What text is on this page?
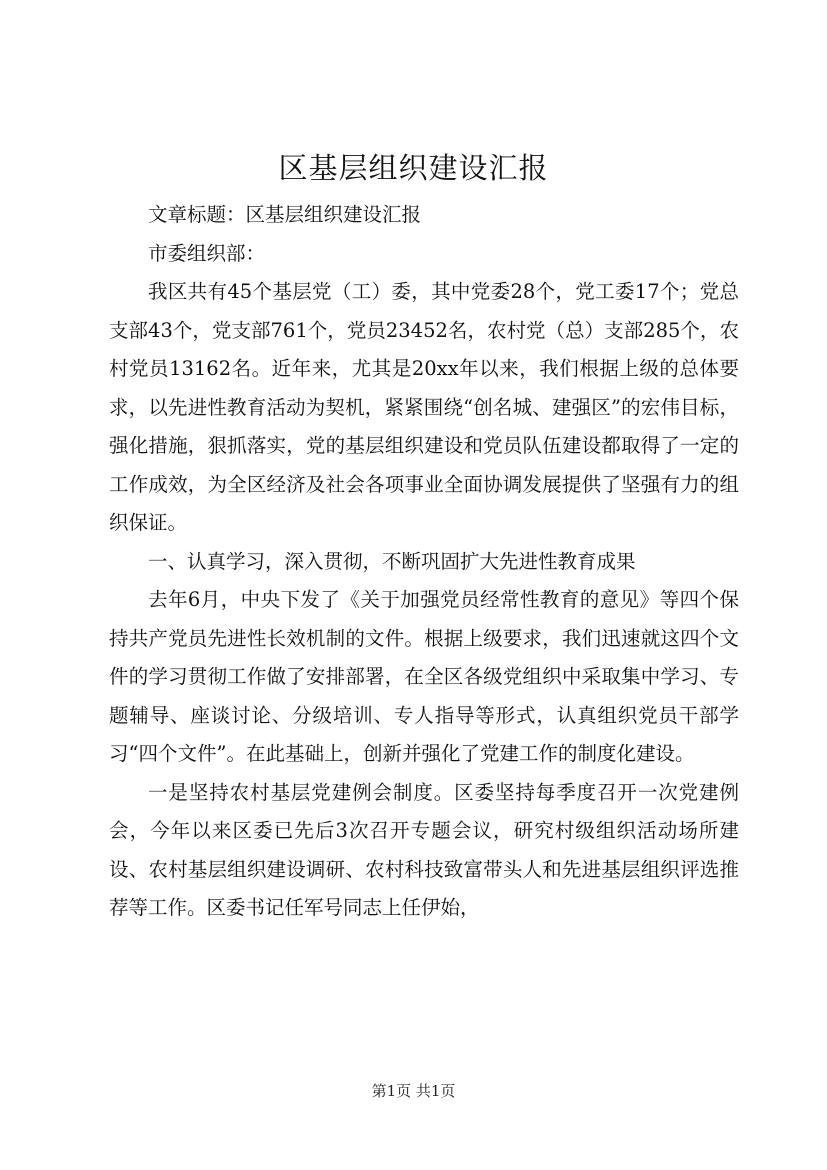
区基层组织建设汇报

文章标题：区基层组织建设汇报

市委组织部：

我区共有45个基层党（工）委，其中党委28个，党工委17个；党总支部43个，党支部761个，党员23452名，农村党（总）支部285个，农村党员13162名。近年来，尤其是20xx年以来，我们根据上级的总体要求，以先进性教育活动为契机，紧紧围绕“创名城、建强区”的宏伟目标，强化措施，狠抓落实，党的基层组织建设和党员队伍建设都取得了一定的工作成效，为全区经济及社会各项事业全面协调发展提供了坚强有力的组织保证。

一、认真学习，深入贯彻，不断巩固扩大先进性教育成果

去年6月，中央下发了《关于加强党员经常性教育的意见》等四个保持共产党员先进性长效机制的文件。根据上级要求，我们迅速就这四个文件的学习贯彻工作做了安排部署，在全区各级党组织中采取集中学习、专题辅导、座谈讨论、分级培训、专人指导等形式，认真组织党员干部学习“四个文件”。在此基础上，创新并强化了党建工作的制度化建设。

一是坚持农村基层党建例会制度。区委坚持每季度召开一次党建例会，今年以来区委已先后3次召开专题会议，研究村级组织活动场所建设、农村基层组织建设调研、农村科技致富带头人和先进基层组织评选推荐等工作。区委书记任军号同志上任伊始，

第1页 共1页
